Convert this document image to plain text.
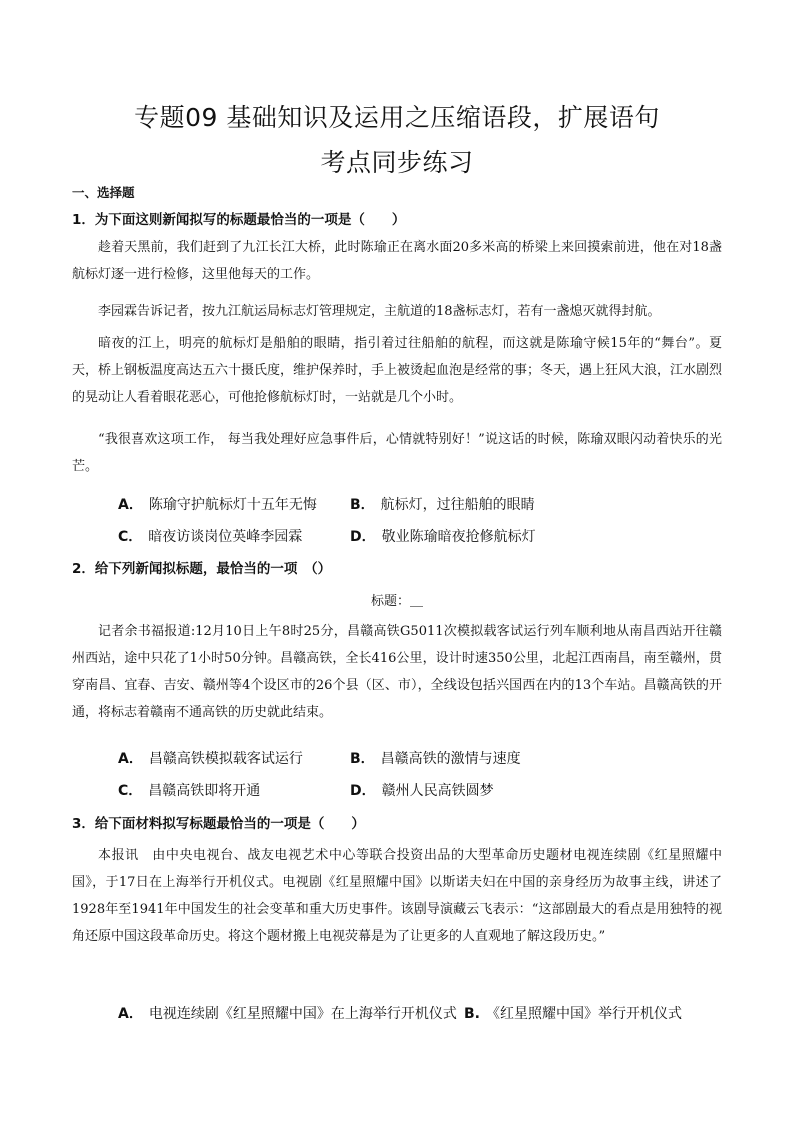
专题09 基础知识及运用之压缩语段，扩展语句
考点同步练习
一、选择题
1．为下面这则新闻拟写的标题最恰当的一项是（　　）

趁着天黑前，我们赶到了九江长江大桥，此时陈瑜正在离水面20多米高的桥梁上来回摸索前进，他在对18盏航标灯逐一进行检修，这里他每天的工作。

李园霖告诉记者，按九江航运局标志灯管理规定，主航道的18盏标志灯，若有一盏熄灭就得封航。

暗夜的江上，明亮的航标灯是船舶的眼睛，指引着过往船舶的航程，而这就是陈瑜守候15年的“舞台”。夏天，桥上钢板温度高达五六十摄氏度，维护保养时，手上被烫起血泡是经常的事；冬天，遇上狂风大浪，江水剧烈的晃动让人看着眼花恶心，可他抢修航标灯时，一站就是几个小时。

“我很喜欢这项工作， 每当我处理好应急事件后，心情就特别好！”说这话的时候，陈瑜双眼闪动着快乐的光芒。

A． 陈瑜守护航标灯十五年无悔 B． 航标灯，过往船舶的眼睛
C． 暗夜访谈岗位英峰李园霖	D． 敬业陈瑜暗夜抢修航标灯
2．给下列新闻拟标题，最恰当的一项　（）
标题：＿

记者余书福报道:12月10日上午8时25分，昌赣高铁G5011次模拟载客试运行列车顺利地从南昌西站开往赣州西站，途中只花了1小时50分钟。昌赣高铁，全长416公里，设计时速350公里，北起江西南昌，南至赣州，贯穿南昌、宜春、吉安、赣州等4个设区市的26个县（区、市），全线设包括兴国西在内的13个车站。昌赣高铁的开通，将标志着赣南不通高铁的历史就此结束。

A． 昌赣高铁模拟载客试运行	B． 昌赣高铁的激情与速度
C． 昌赣高铁即将开通	D． 赣州人民高铁圆梦
3．给下面材料拟写标题最恰当的一项是（　　）

本报讯　由中央电视台、战友电视艺术中心等联合投资出品的大型革命历史题材电视连续剧《红星照耀中国》，于17日在上海举行开机仪式。电视剧《红星照耀中国》以斯诺夫妇在中国的亲身经历为故事主线，讲述了1928年至1941年中国发生的社会变革和重大历史事件。该剧导演藏云飞表示：“这部剧最大的看点是用独特的视角还原中国这段革命历史。将这个题材搬上电视荧幕是为了让更多的人直观地了解这段历史。”

A． 电视连续剧《红星照耀中国》在上海举行开机仪式 B. 《红星照耀中国》举行开机仪式
